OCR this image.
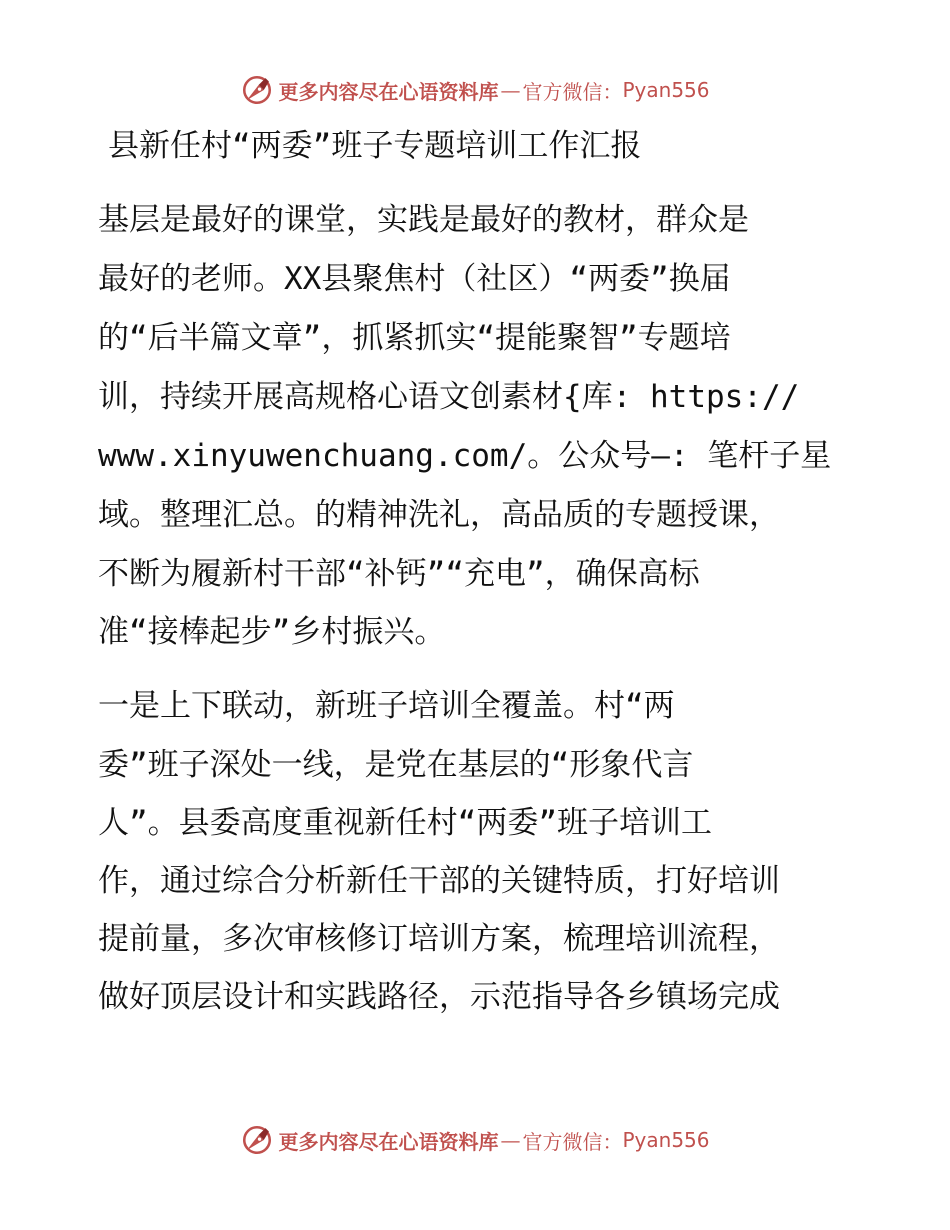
更多内容尽在心语资料库 — 官方微信： Pyan556
县新任村“两委”班子专题培训工作汇报

基层是最好的课堂，实践是最好的教材，群众是

最好的老师。XX县聚焦村（社区）“两委”换届

的“后半篇文章”，抓紧抓实“提能聚智”专题培

训，持续开展高规格心语文创素材{库: https://

www.xinyuwenchuang.com/。公众号—: 笔杆子星

域。整理汇总。的精神洗礼，高品质的专题授课，

不断为履新村干部“补钙”“充电”，确保高标

准“接棒起步”乡村振兴。

一是上下联动，新班子培训全覆盖。村“两

委”班子深处一线，是党在基层的“形象代言

人”。县委高度重视新任村“两委”班子培训工

作，通过综合分析新任干部的关键特质，打好培训

提前量，多次审核修订培训方案，梳理培训流程，

做好顶层设计和实践路径，示范指导各乡镇场完成

更多内容尽在心语资料库 — 官方微信： Pyan556
